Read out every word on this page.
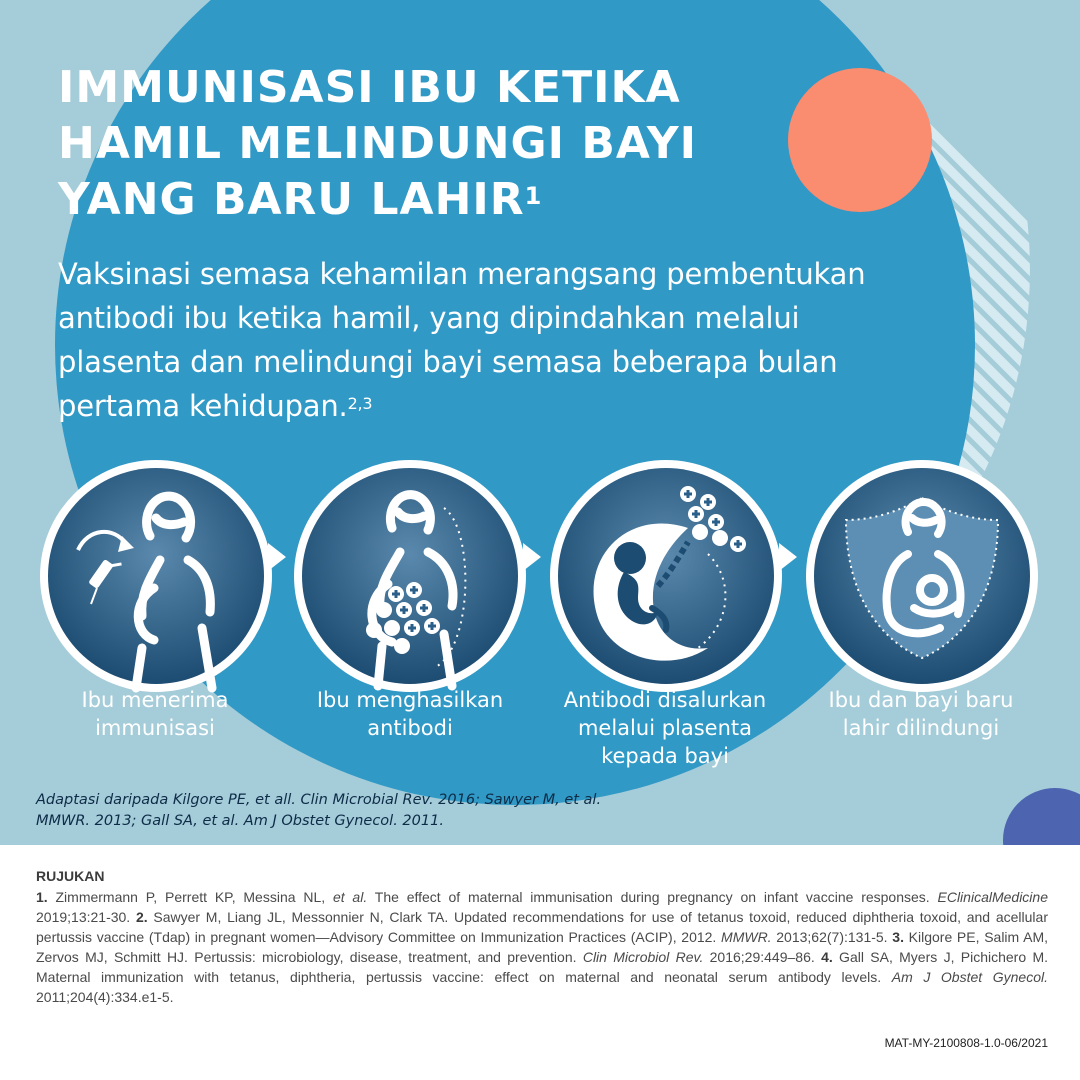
IMMUNISASI IBU KETIKA
HAMIL MELINDUNGI BAYI
YANG BARU LAHIR$^1$

Vaksinasi semasa kehamilan merangsang pembentukan antibodi ibu ketika hamil, yang dipindahkan melalui plasenta dan melindungi bayi semasa beberapa bulan pertama kehidupan.$^{2,3}$

Ibu menerima
immunisasi

Ibu menghasilkan
antibodi

Antibodi disalurkan
melalui plasenta
kepada bayi

Ibu dan bayi baru
lahir dilindungi

Adaptasi daripada Kilgore PE, et all. Clin Microbial Rev. 2016; Sawyer M, et al.
MMWR. 2013; Gall SA, et al. Am J Obstet Gynecol. 2011.

RUJUKAN

1. Zimmermann P, Perrett KP, Messina NL, et al. The effect of maternal immunisation during pregnancy on infant vaccine responses. EClinicalMedicine 2019;13:21-30. 2. Sawyer M, Liang JL, Messonnier N, Clark TA. Updated recommendations for use of tetanus toxoid, reduced diphtheria toxoid, and acellular pertussis vaccine (Tdap) in pregnant women—Advisory Committee on Immunization Practices (ACIP), 2012. MMWR. 2013;62(7):131-5. 3. Kilgore PE, Salim AM, Zervos MJ, Schmitt HJ. Pertussis: microbiology, disease, treatment, and prevention. Clin Microbiol Rev. 2016;29:449–86. 4. Gall SA, Myers J, Pichichero M. Maternal immunization with tetanus, diphtheria, pertussis vaccine: effect on maternal and neonatal serum antibody levels. Am J Obstet Gynecol. 2011;204(4):334.e1-5.

MAT-MY-2100808-1.0-06/2021
